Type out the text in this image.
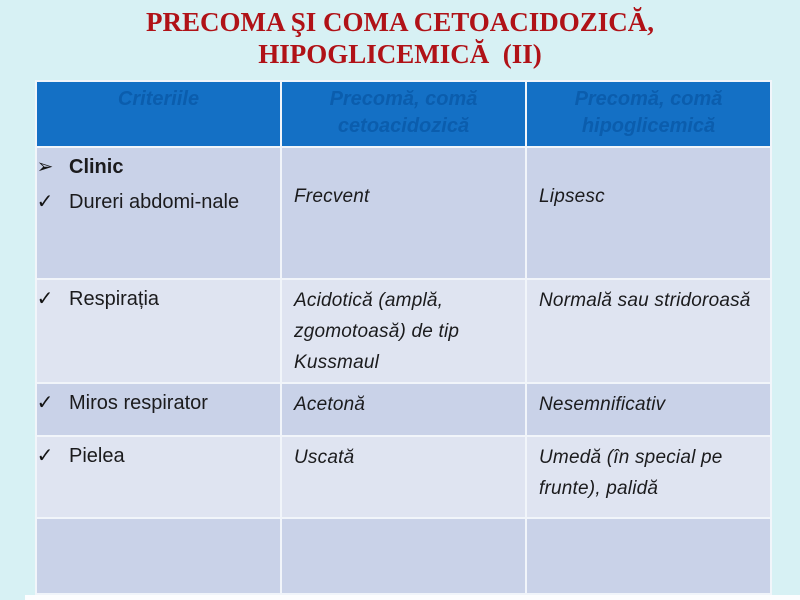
PRECOMA ŞI COMA CETOACIDOZICĂ,
HIPOGLICEMICĂ  (II)
Criteriile	Precomă, comă cetoacidozică	Precomă, comă hipoglicemică

➢ Clinic
✓ Dureri abdomi-nale	Frecvent	Lipsesc

✓ Respirația	Acidotică (amplă, zgomotoasă) de tip Kussmaul	Normală sau stridoroasă

✓ Miros respirator	Acetonă	Nesemnificativ

✓ Pielea	Uscată	Umedă (în special pe frunte), palidă
